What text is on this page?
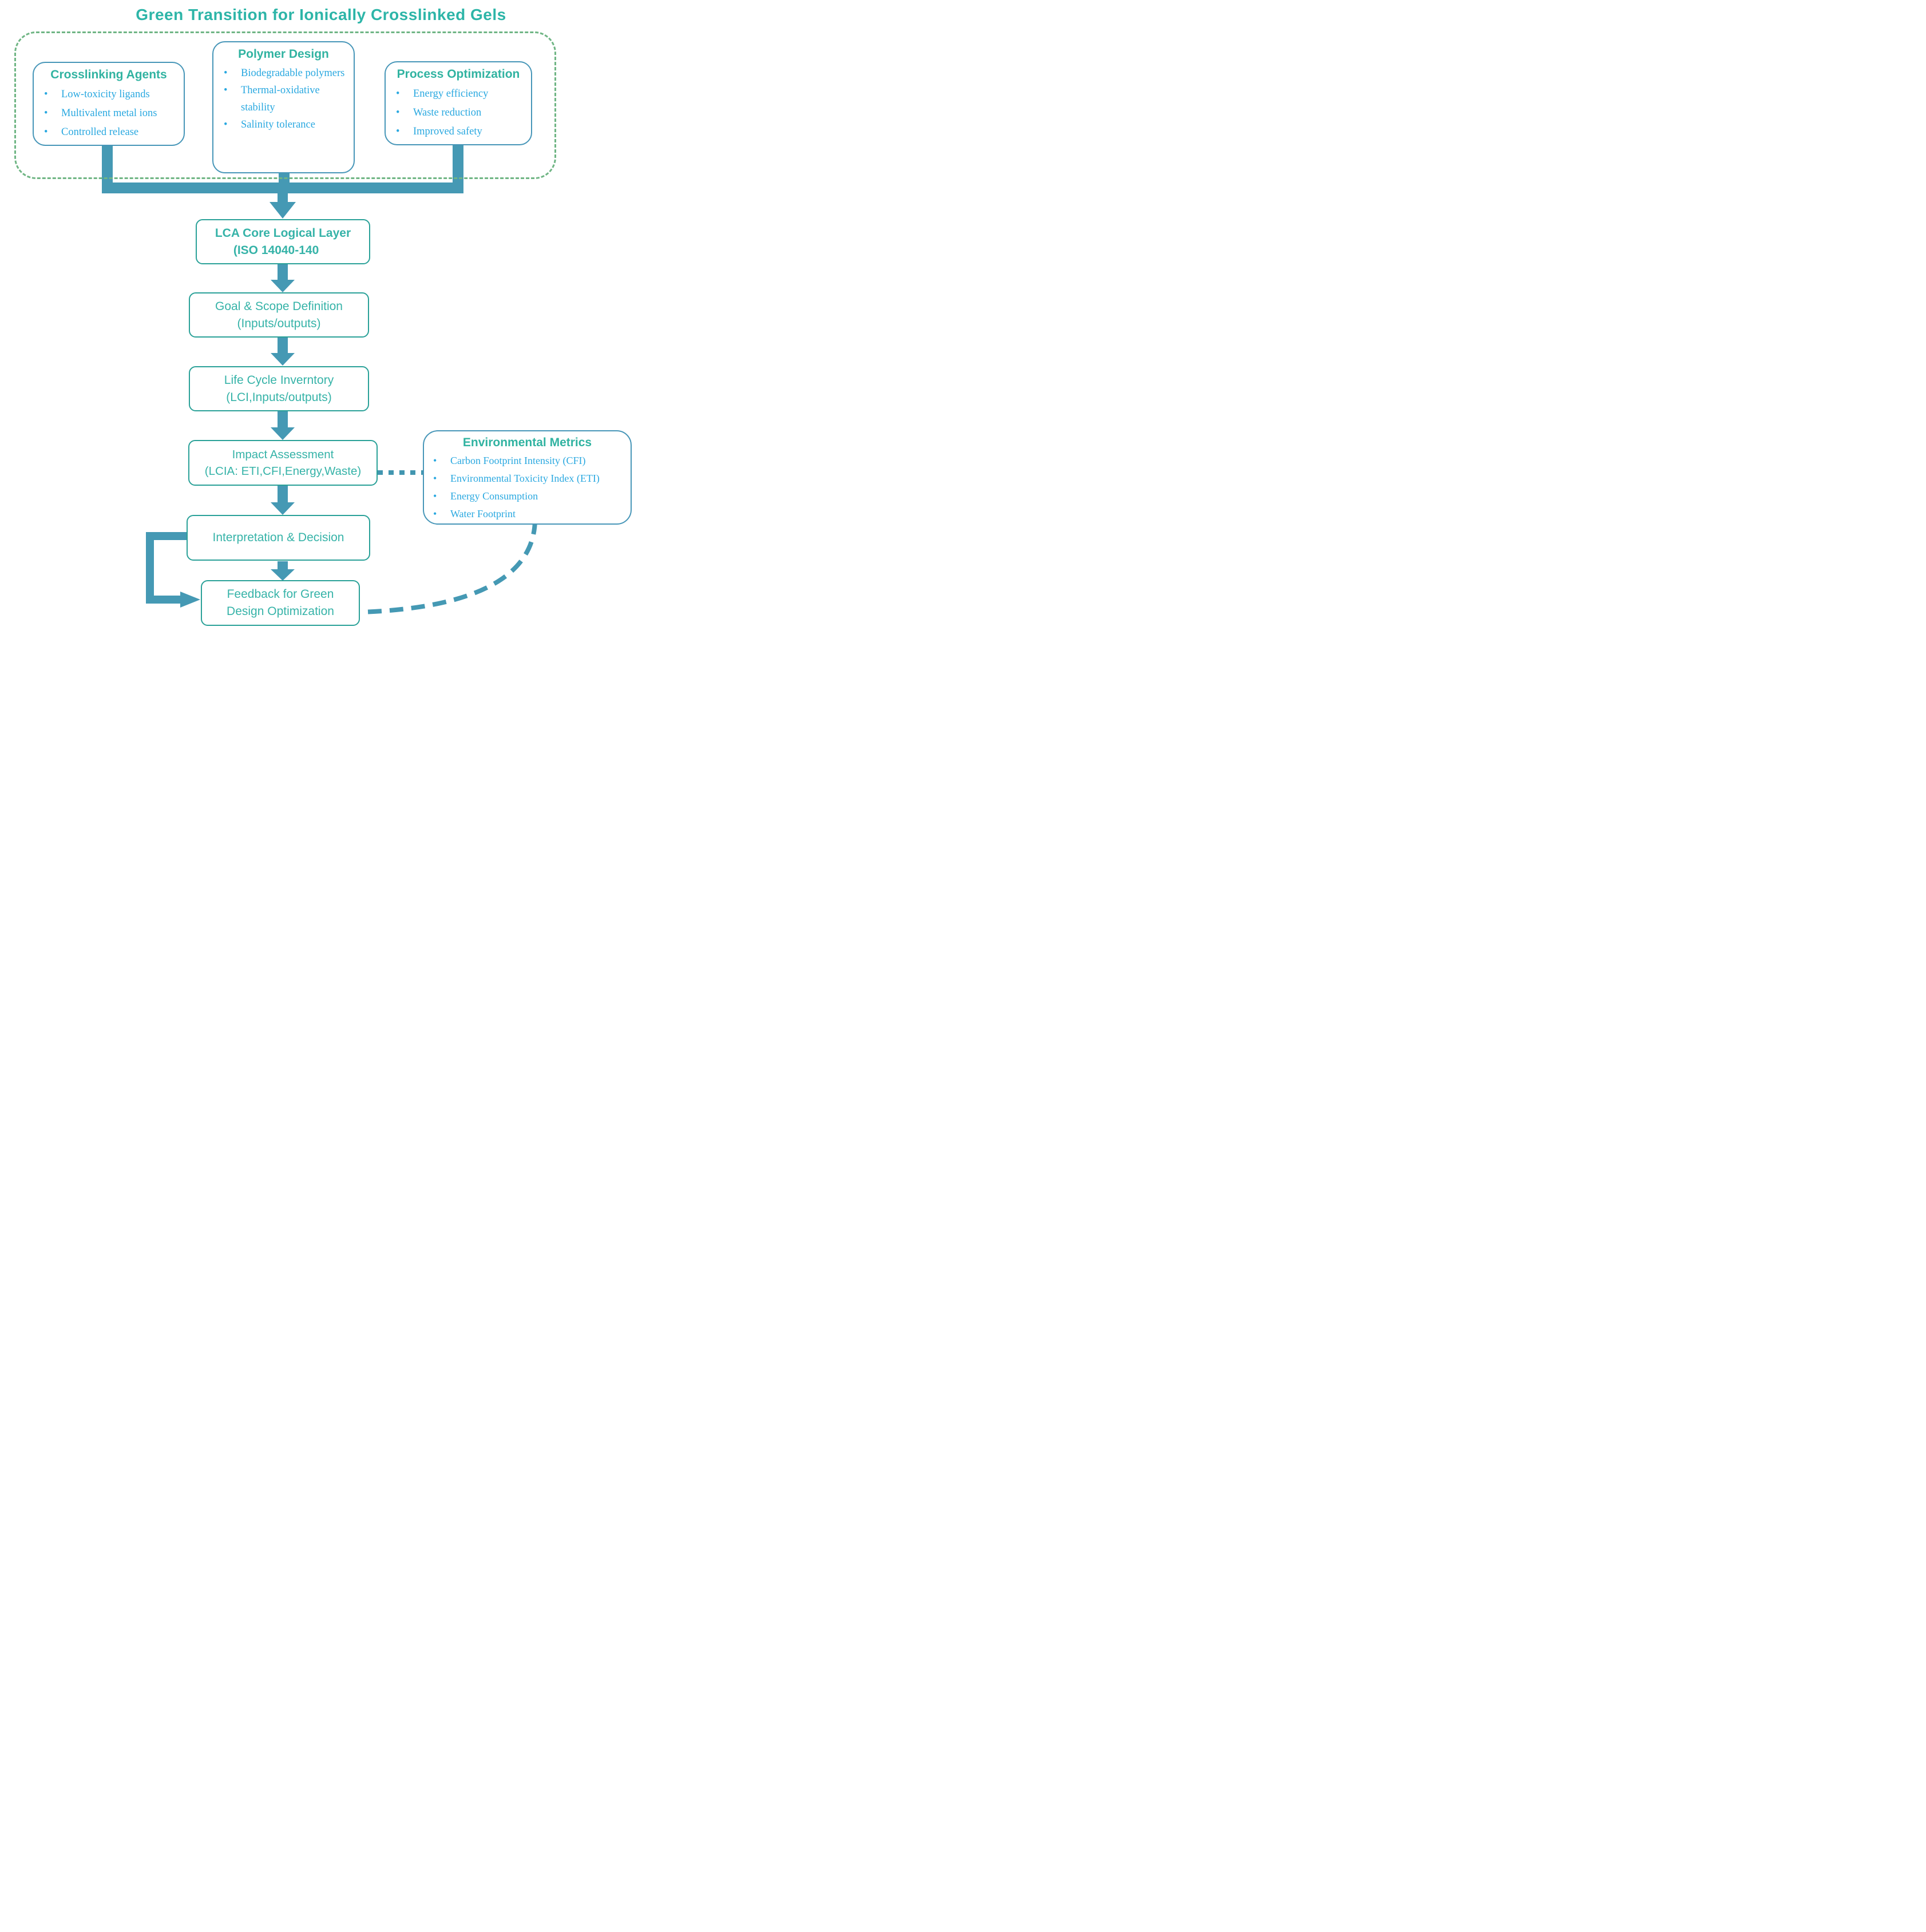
Green Transition for Ionically Crosslinked Gels
Crosslinking Agents
•	Low-toxicity ligands
•	Multivalent metal ions
•	Controlled release
Polymer Design
•	Biodegradable polymers
•	Thermal-oxidative stability
•	Salinity tolerance
Process Optimization
•	Energy efficiency
•	Waste reduction
•	Improved safety
LCA Core Logical Layer
(ISO 14040-140
Goal & Scope Definition
(Inputs/outputs)
Life Cycle Inverntory
(LCI,Inputs/outputs)
Impact Assessment
(LCIA: ETI,CFI,Energy,Waste)
Interpretation & Decision
Feedback for Green
Design Optimization
Environmental Metrics
•	Carbon Footprint Intensity (CFI)
•	Environmental Toxicity Index (ETI)
•	Energy Consumption
•	Water Footprint
